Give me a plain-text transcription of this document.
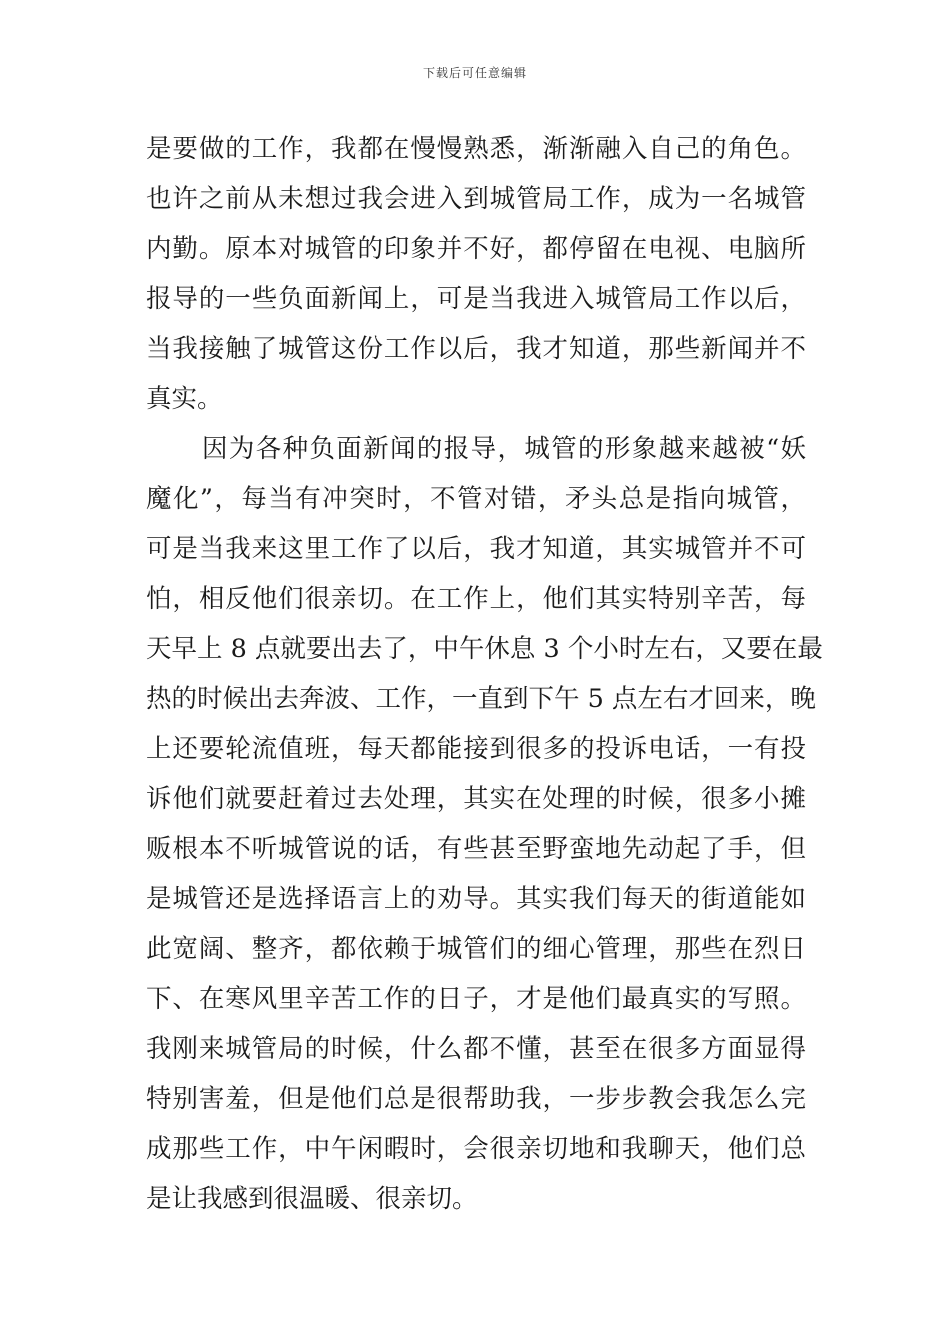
下载后可任意编辑
是要做的工作，我都在慢慢熟悉，渐渐融入自己的角色。
也许之前从未想过我会进入到城管局工作，成为一名城管
内勤。原本对城管的印象并不好，都停留在电视、电脑所
报导的一些负面新闻上，可是当我进入城管局工作以后，
当我接触了城管这份工作以后，我才知道，那些新闻并不
真实。
因为各种负面新闻的报导，城管的形象越来越被“妖
魔化”，每当有冲突时，不管对错，矛头总是指向城管，
可是当我来这里工作了以后，我才知道，其实城管并不可
怕，相反他们很亲切。在工作上，他们其实特别辛苦，每
天早上 8 点就要出去了，中午休息 3 个小时左右，又要在最
热的时候出去奔波、工作，一直到下午 5 点左右才回来，晚
上还要轮流值班，每天都能接到很多的投诉电话，一有投
诉他们就要赶着过去处理，其实在处理的时候，很多小摊
贩根本不听城管说的话，有些甚至野蛮地先动起了手，但
是城管还是选择语言上的劝导。其实我们每天的街道能如
此宽阔、整齐，都依赖于城管们的细心管理，那些在烈日
下、在寒风里辛苦工作的日子，才是他们最真实的写照。
我刚来城管局的时候，什么都不懂，甚至在很多方面显得
特别害羞，但是他们总是很帮助我，一步步教会我怎么完
成那些工作，中午闲暇时，会很亲切地和我聊天，他们总
是让我感到很温暖、很亲切。
